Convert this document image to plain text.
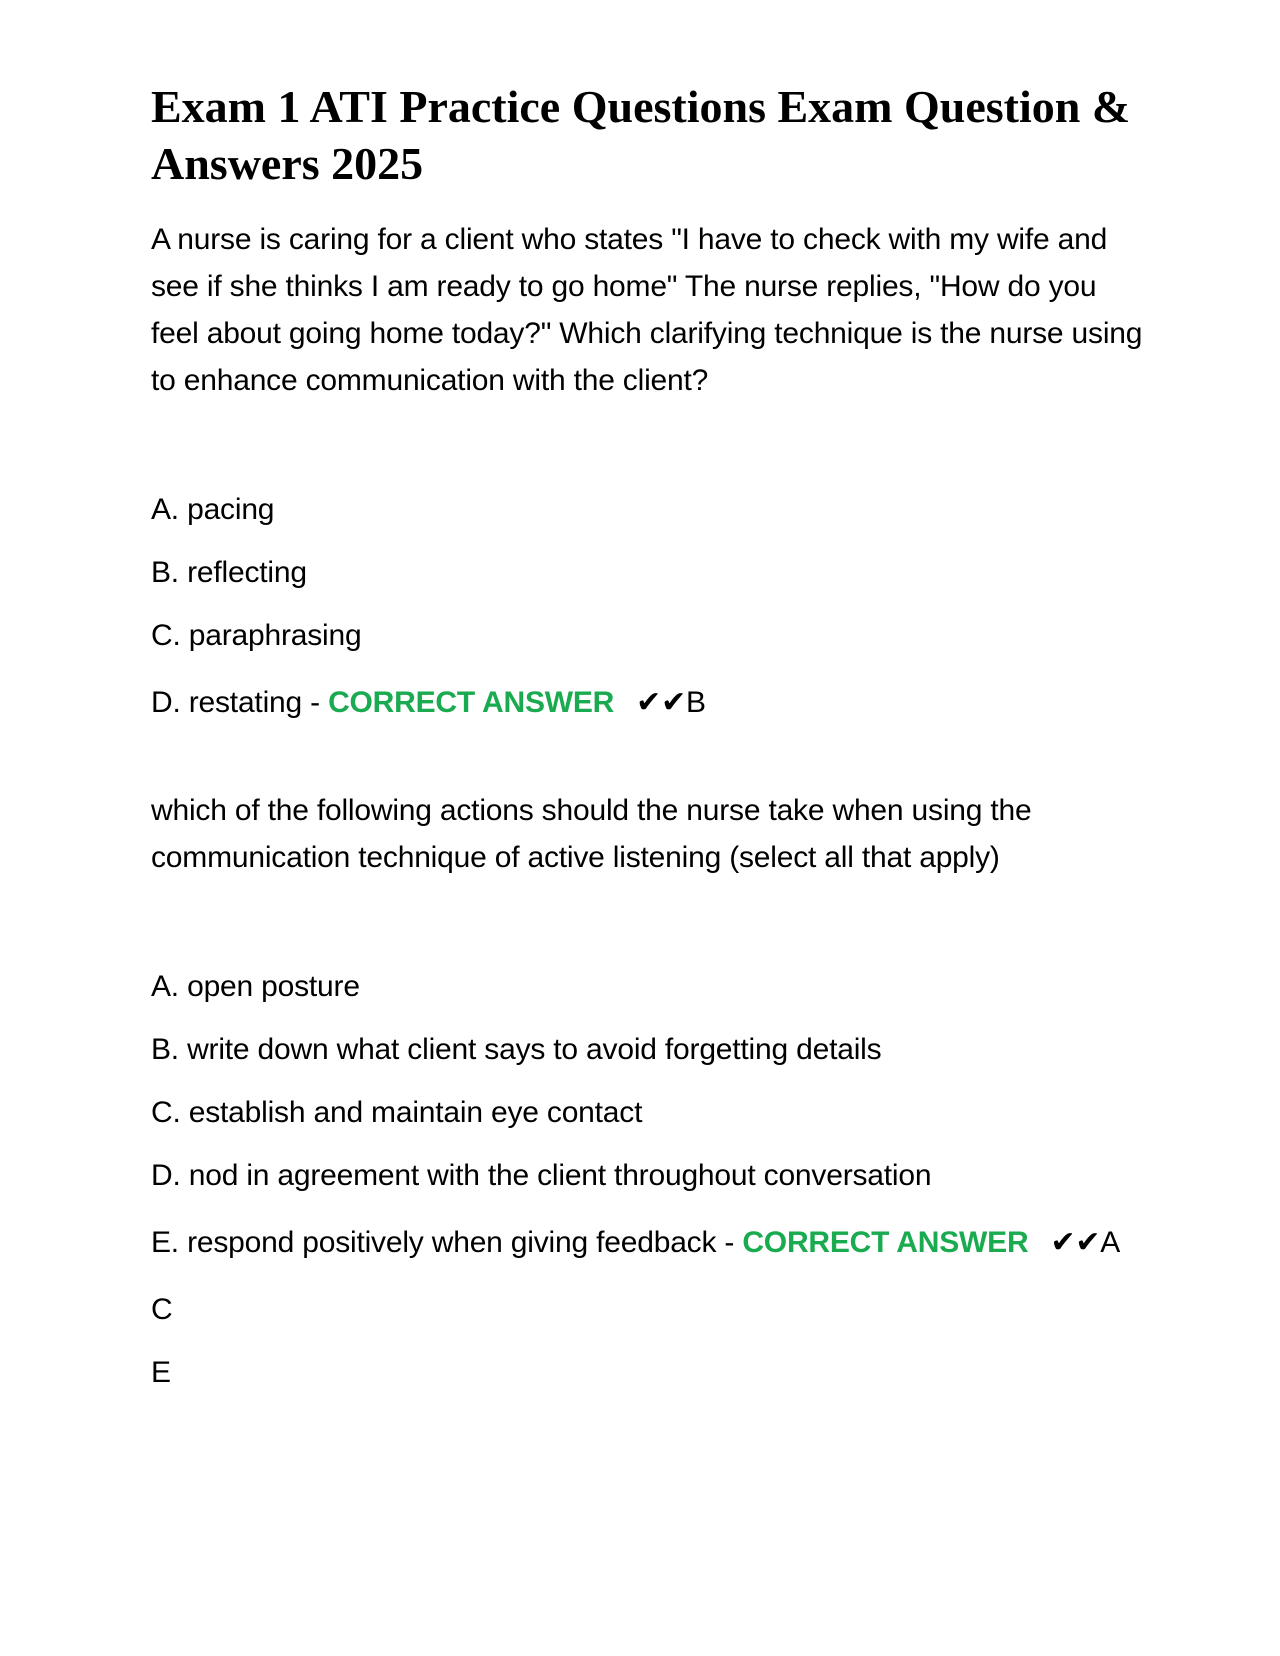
Exam 1 ATI Practice Questions Exam Question & Answers 2025

A nurse is caring for a client who states "I have to check with my wife and see if she thinks I am ready to go home" The nurse replies, "How do you feel about going home today?" Which clarifying technique is the nurse using to enhance communication with the client?

A. pacing
B. reflecting
C. paraphrasing
D. restating - CORRECT ANSWER ✔✔B

which of the following actions should the nurse take when using the communication technique of active listening (select all that apply)

A. open posture
B. write down what client says to avoid forgetting details
C. establish and maintain eye contact
D. nod in agreement with the client throughout conversation
E. respond positively when giving feedback - CORRECT ANSWER ✔✔A
C
E
